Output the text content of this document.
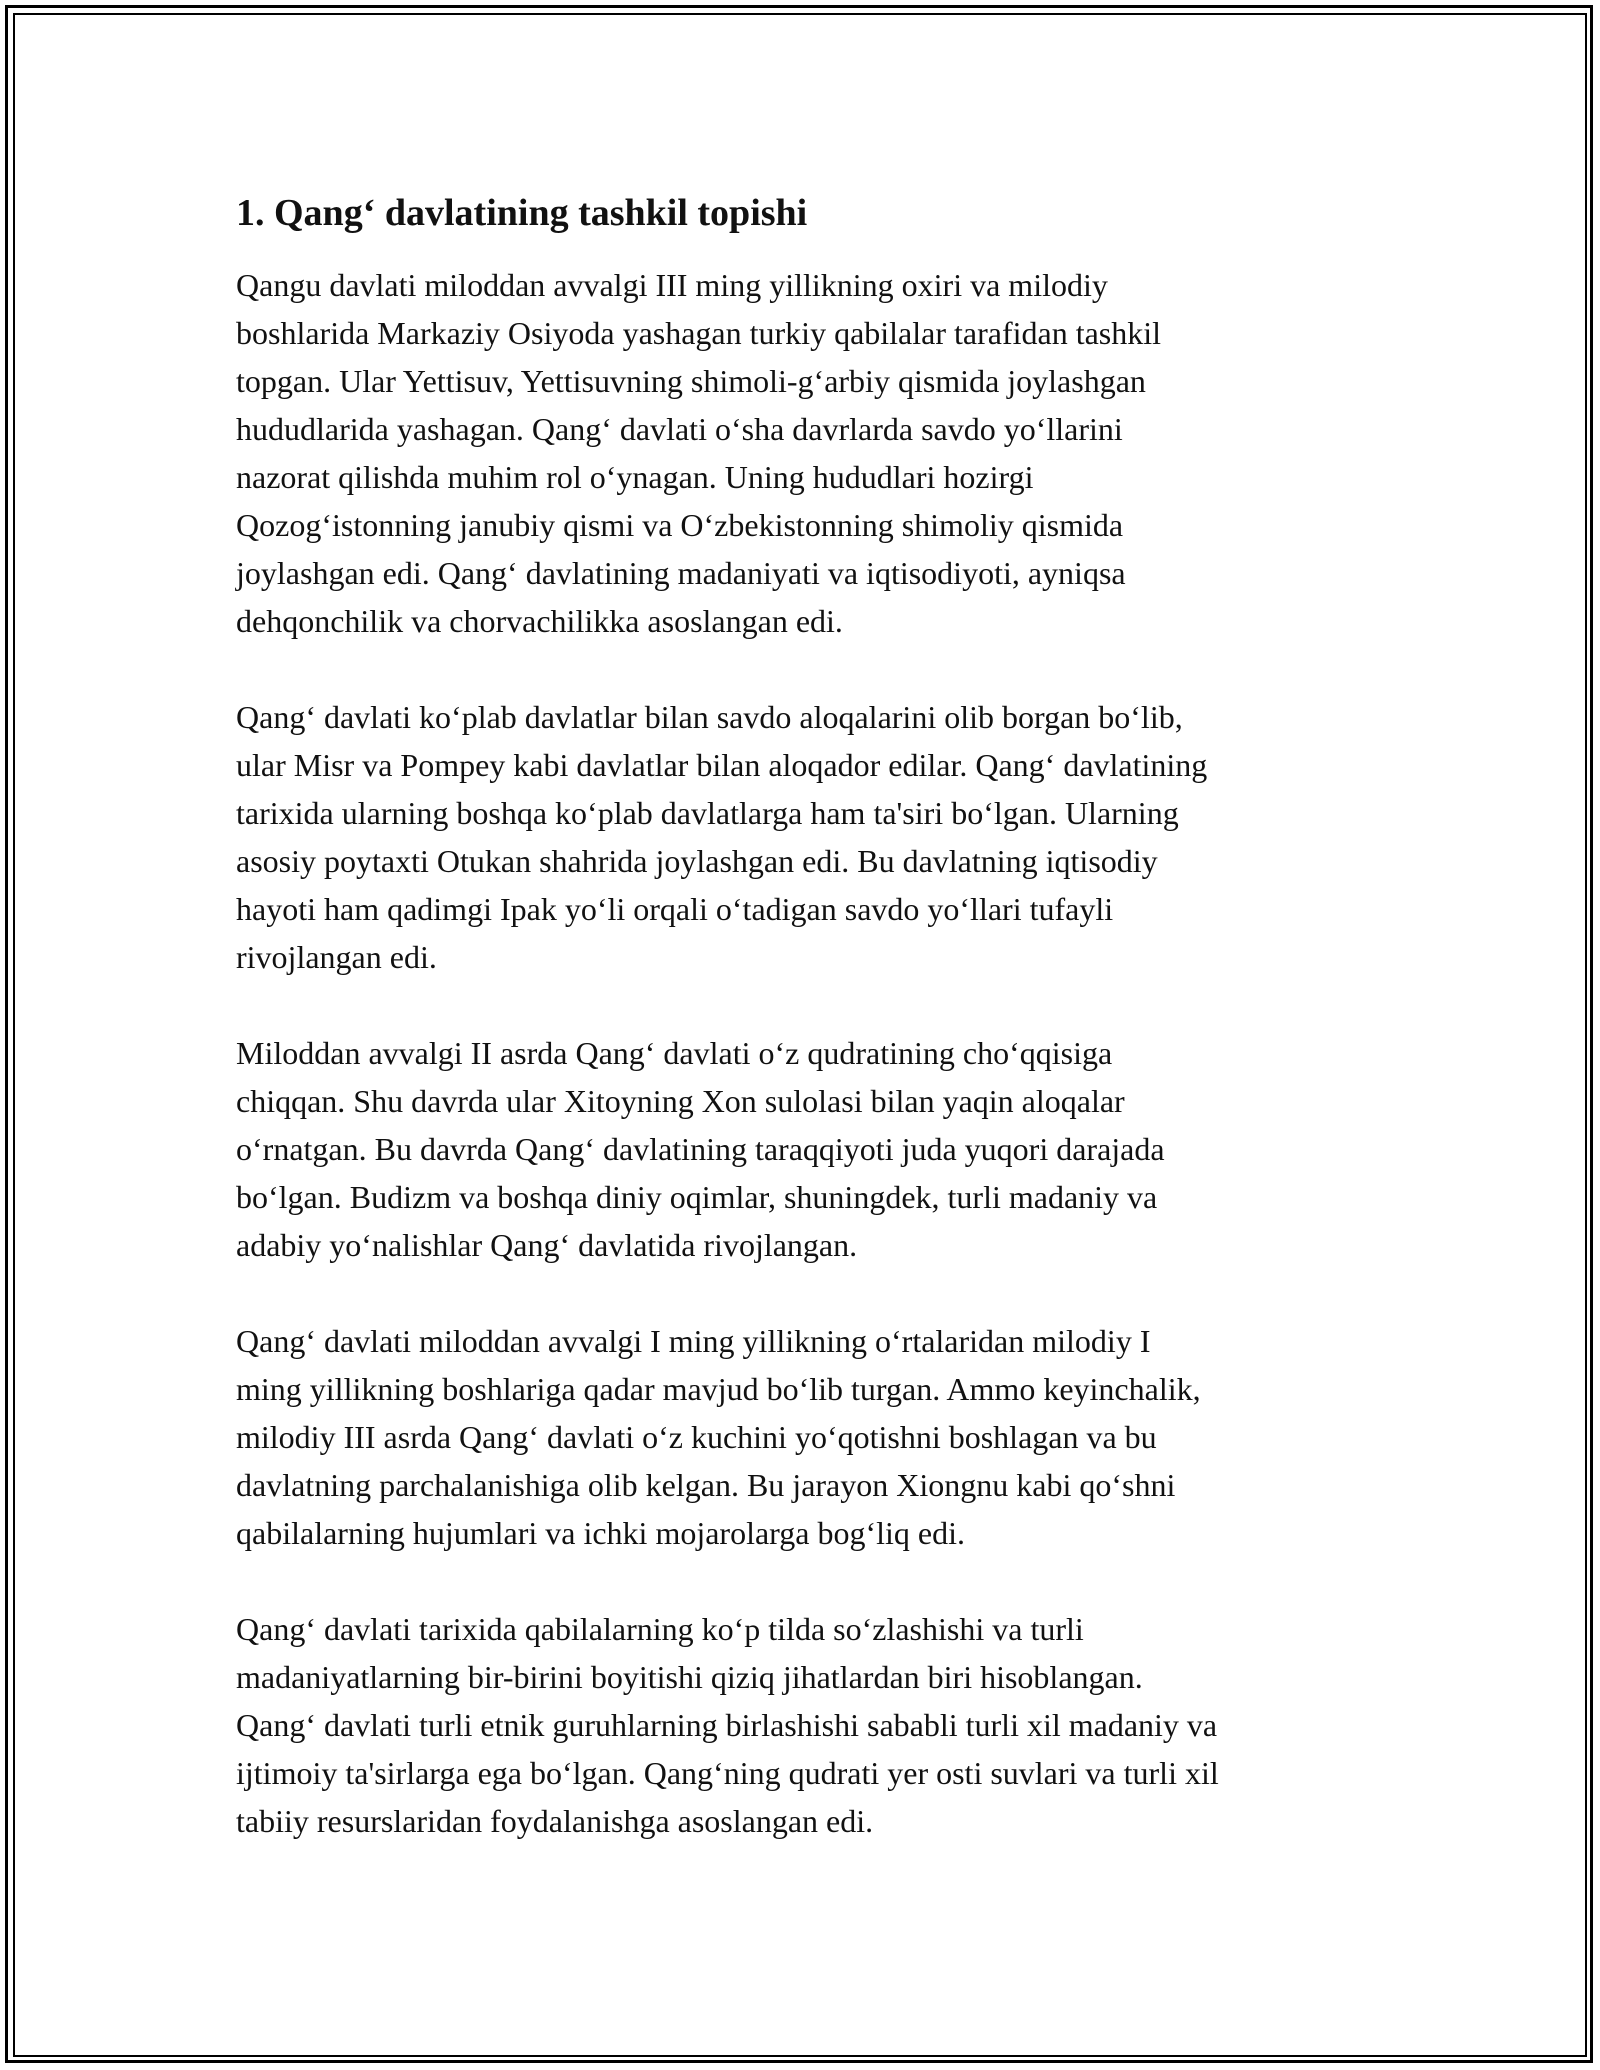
1. Qang‘ davlatining tashkil topishi

Qangu davlati miloddan avvalgi III ming yillikning oxiri va milodiy
boshlarida Markaziy Osiyoda yashagan turkiy qabilalar tarafidan tashkil
topgan. Ular Yettisuv, Yettisuvning shimoli-g‘arbiy qismida joylashgan
hududlarida yashagan. Qang‘ davlati o‘sha davrlarda savdo yo‘llarini
nazorat qilishda muhim rol o‘ynagan. Uning hududlari hozirgi
Qozog‘istonning janubiy qismi va O‘zbekistonning shimoliy qismida
joylashgan edi. Qang‘ davlatining madaniyati va iqtisodiyoti, ayniqsa
dehqonchilik va chorvachilikka asoslangan edi.

Qang‘ davlati ko‘plab davlatlar bilan savdo aloqalarini olib borgan bo‘lib,
ular Misr va Pompey kabi davlatlar bilan aloqador edilar. Qang‘ davlatining
tarixida ularning boshqa ko‘plab davlatlarga ham ta'siri bo‘lgan. Ularning
asosiy poytaxti Otukan shahrida joylashgan edi. Bu davlatning iqtisodiy
hayoti ham qadimgi Ipak yo‘li orqali o‘tadigan savdo yo‘llari tufayli
rivojlangan edi.

Miloddan avvalgi II asrda Qang‘ davlati o‘z qudratining cho‘qqisiga
chiqqan. Shu davrda ular Xitoyning Xon sulolasi bilan yaqin aloqalar
o‘rnatgan. Bu davrda Qang‘ davlatining taraqqiyoti juda yuqori darajada
bo‘lgan. Budizm va boshqa diniy oqimlar, shuningdek, turli madaniy va
adabiy yo‘nalishlar Qang‘ davlatida rivojlangan.

Qang‘ davlati miloddan avvalgi I ming yillikning o‘rtalaridan milodiy I
ming yillikning boshlariga qadar mavjud bo‘lib turgan. Ammo keyinchalik,
milodiy III asrda Qang‘ davlati o‘z kuchini yo‘qotishni boshlagan va bu
davlatning parchalanishiga olib kelgan. Bu jarayon Xiongnu kabi qo‘shni
qabilalarning hujumlari va ichki mojarolarga bog‘liq edi.

Qang‘ davlati tarixida qabilalarning ko‘p tilda so‘zlashishi va turli
madaniyatlarning bir-birini boyitishi qiziq jihatlardan biri hisoblangan.
Qang‘ davlati turli etnik guruhlarning birlashishi sababli turli xil madaniy va
ijtimoiy ta'sirlarga ega bo‘lgan. Qang‘ning qudrati yer osti suvlari va turli xil
tabiiy resurslaridan foydalanishga asoslangan edi.
